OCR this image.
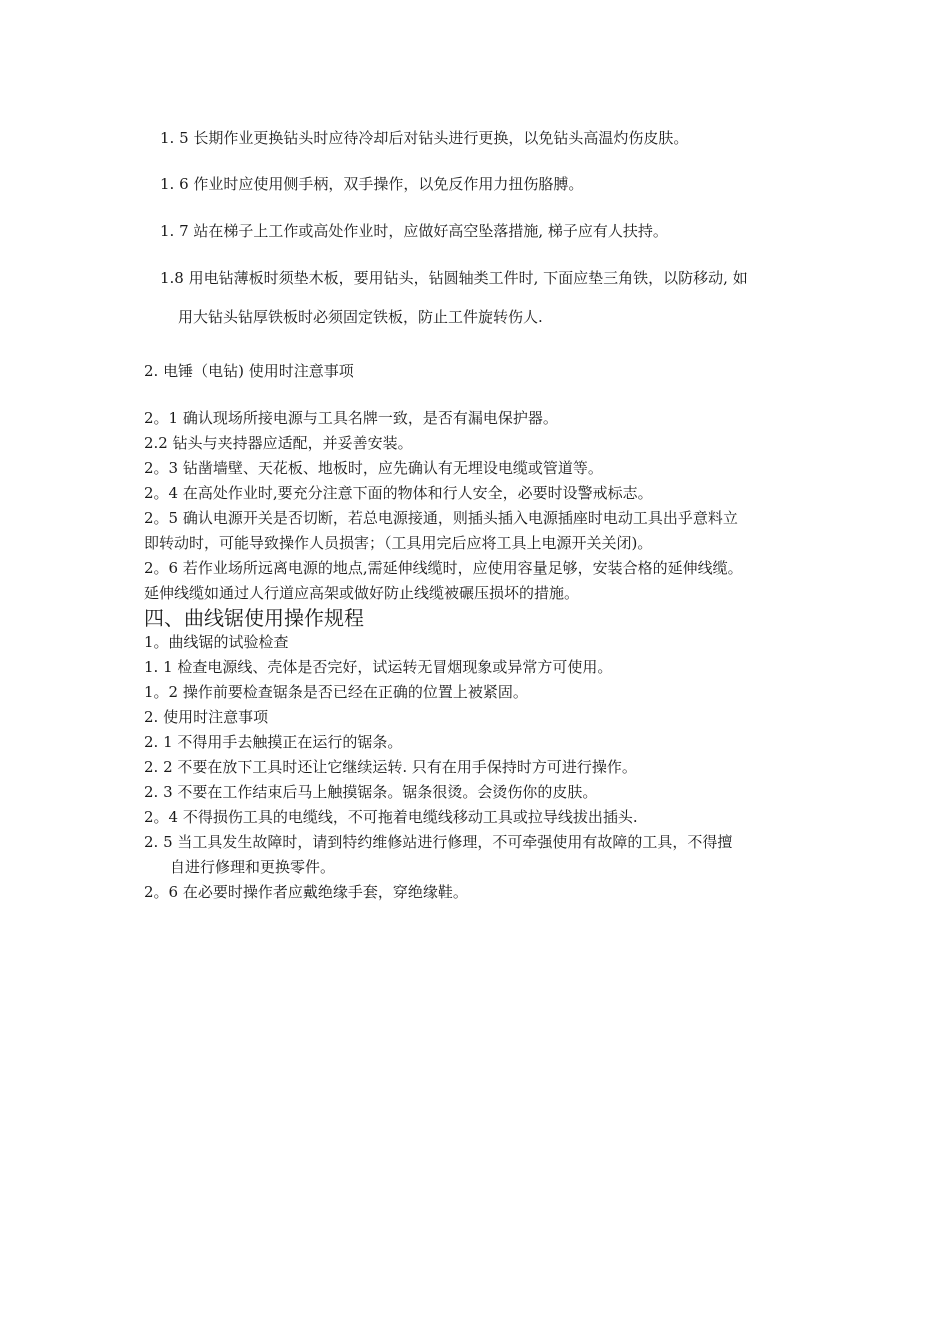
1. 5 长期作业更换钻头时应待冷却后对钻头进行更换，以免钻头高温灼伤皮肤。
1. 6 作业时应使用侧手柄，双手操作，以免反作用力扭伤胳膊。
1. 7 站在梯子上工作或高处作业时，应做好高空坠落措施, 梯子应有人扶持。
1.8 用电钻薄板时须垫木板，要用钻头，钻圆轴类工件时, 下面应垫三角铁，以防移动, 如
用大钻头钻厚铁板时必须固定铁板，防止工件旋转伤人.
2. 电锤（电钻) 使用时注意事项
2。1 确认现场所接电源与工具名牌一致，是否有漏电保护器。
2.2 钻头与夹持器应适配，并妥善安装。
2。3 钻凿墙壁、天花板、地板时，应先确认有无埋设电缆或管道等。
2。4 在高处作业时,要充分注意下面的物体和行人安全，必要时设警戒标志。
2。5 确认电源开关是否切断，若总电源接通，则插头插入电源插座时电动工具出乎意料立
即转动时，可能导致操作人员损害；（工具用完后应将工具上电源开关关闭)。
2。6 若作业场所远离电源的地点,需延伸线缆时，应使用容量足够，安装合格的延伸线缆。
延伸线缆如通过人行道应高架或做好防止线缆被碾压损坏的措施。
四、曲线锯使用操作规程
1。曲线锯的试验检查
1. 1 检查电源线、壳体是否完好，试运转无冒烟现象或异常方可使用。
1。2 操作前要检查锯条是否已经在正确的位置上被紧固。
2. 使用时注意事项
2. 1 不得用手去触摸正在运行的锯条。
2. 2 不要在放下工具时还让它继续运转. 只有在用手保持时方可进行操作。
2. 3 不要在工作结束后马上触摸锯条。锯条很烫。会烫伤你的皮肤。
2。4 不得损伤工具的电缆线，不可拖着电缆线移动工具或拉导线拔出插头.
2. 5 当工具发生故障时，请到特约维修站进行修理，不可牵强使用有故障的工具，不得擅
自进行修理和更换零件。
2。6 在必要时操作者应戴绝缘手套，穿绝缘鞋。
